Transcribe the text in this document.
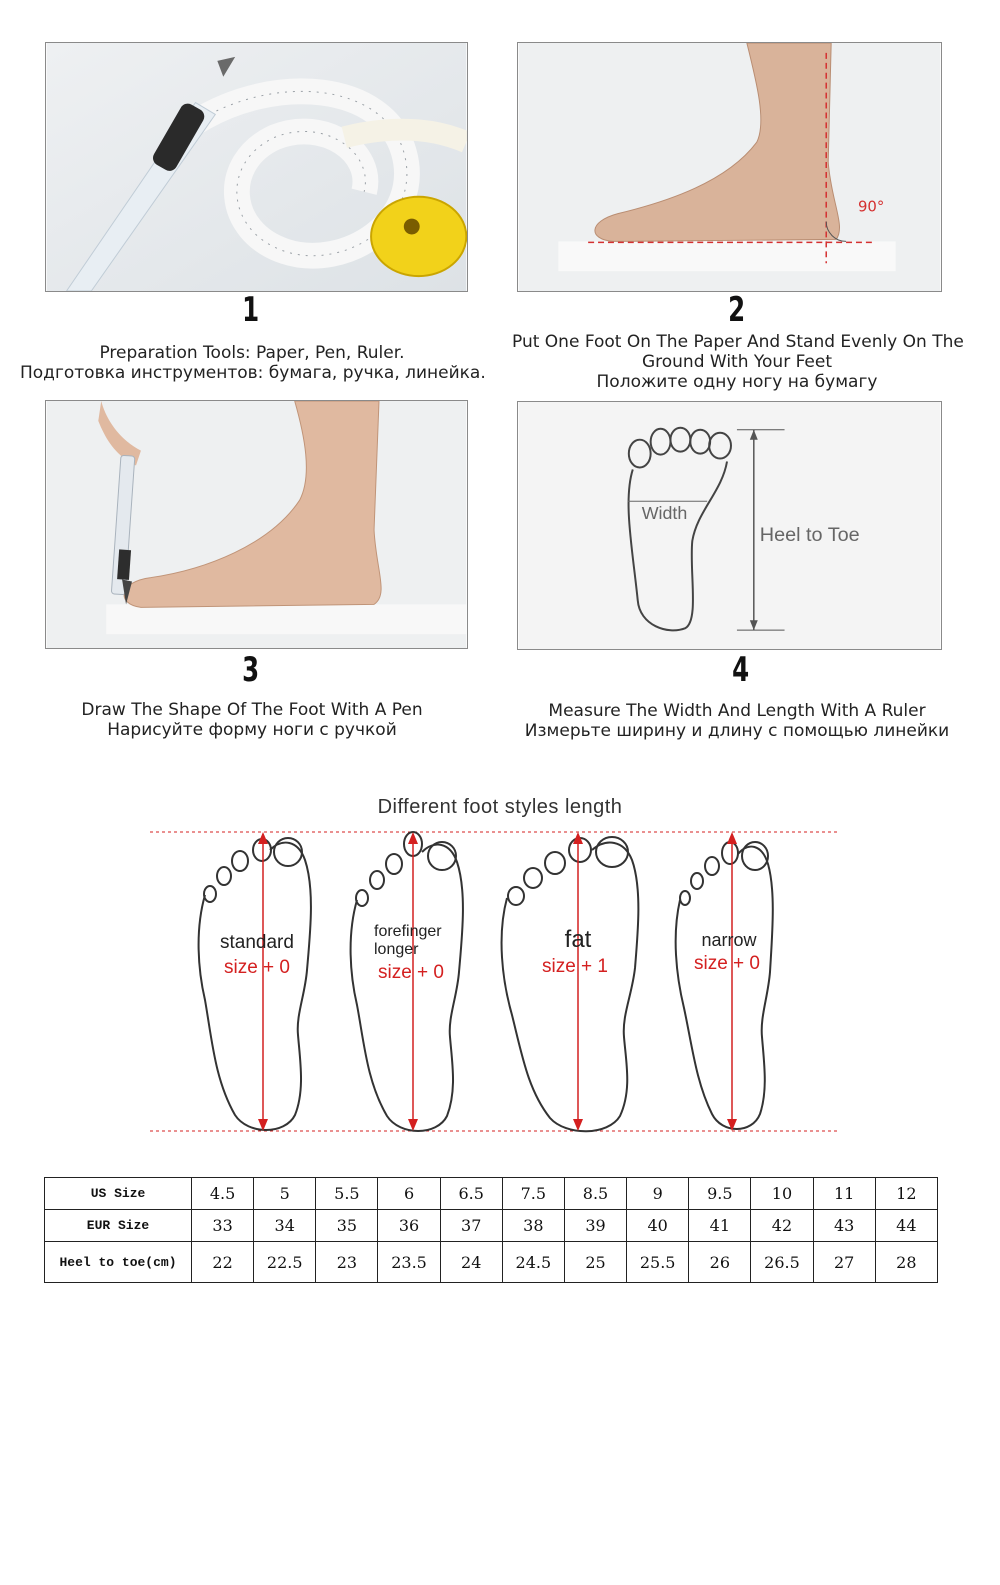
1
Preparation Tools: Paper, Pen, Ruler.
Подготовка инструментов: бумага, ручка, линейка.
90°
2
Put One Foot On The Paper And Stand Evenly On The
Ground With Your Feet
Положите одну ногу на бумагу
3
Draw The Shape Of The Foot With A Pen
Нарисуйте форму ноги с ручкой
Width
Heel to Toe
4
Measure The Width And Length With A Ruler
Измерьте ширину и длину с помощью линейки
Different foot styles length
standard
size + 0
forefinger
longer
size + 0
fat
size + 1
narrow
size + 0
US Size	4.5	5	5.5	6	6.5	7.5	8.5	9	9.5	10	11	12
EUR Size	33	34	35	36	37	38	39	40	41	42	43	44
Heel to toe(cm)	22	22.5	23	23.5	24	24.5	25	25.5	26	26.5	27	28
